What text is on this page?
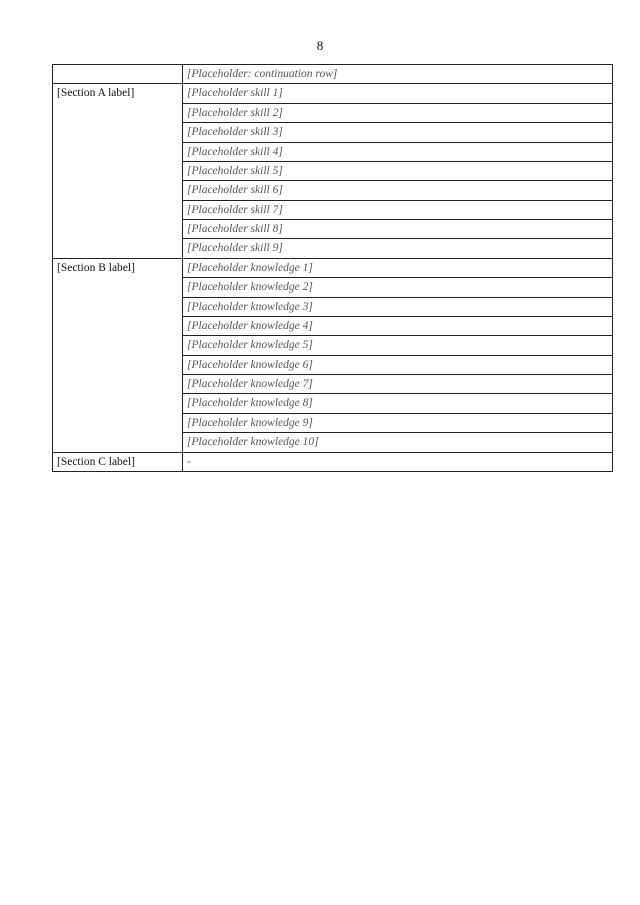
8
	[Placeholder: continuation row]
[Section A label]	[Placeholder skill 1]
	[Placeholder skill 2]
	[Placeholder skill 3]
	[Placeholder skill 4]
	[Placeholder skill 5]
	[Placeholder skill 6]
	[Placeholder skill 7]
	[Placeholder skill 8]
	[Placeholder skill 9]
[Section B label]	[Placeholder knowledge 1]
	[Placeholder knowledge 2]
	[Placeholder knowledge 3]
	[Placeholder knowledge 4]
	[Placeholder knowledge 5]
	[Placeholder knowledge 6]
	[Placeholder knowledge 7]
	[Placeholder knowledge 8]
	[Placeholder knowledge 9]
	[Placeholder knowledge 10]
[Section C label]	-
